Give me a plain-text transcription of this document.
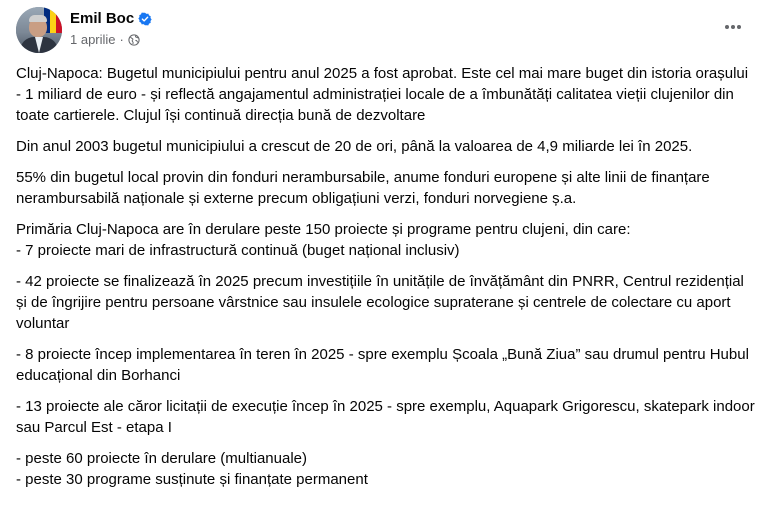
Emil Boc
1 aprilie ·

Cluj-Napoca: Bugetul municipiului pentru anul 2025 a fost aprobat. Este cel mai mare buget din istoria orașului - 1 miliard de euro - și reflectă angajamentul administrației locale de a îmbunătăți calitatea vieții clujenilor din toate cartierele. Clujul își continuă direcția bună de dezvoltare

Din anul 2003 bugetul municipiului a crescut de 20 de ori, până la valoarea de 4,9 miliarde lei în 2025.

55% din bugetul local provin din fonduri nerambursabile, anume fonduri europene și alte linii de finanțare nerambursabilă naționale și externe precum obligațiuni verzi, fonduri norvegiene ș.a.

Primăria Cluj-Napoca are în derulare peste 150 proiecte și programe pentru clujeni, din care:

- 7 proiecte mari de infrastructură continuă (buget național inclusiv)

- 42 proiecte se finalizează în 2025 precum investițiile în unitățile de învățământ din PNRR, Centrul rezidențial și de îngrijire pentru persoane vârstnice sau insulele ecologice supraterane și centrele de colectare cu aport voluntar

- 8 proiecte încep implementarea în teren în 2025 - spre exemplu Școala „Bună Ziua” sau drumul pentru Hubul educațional din Borhanci

- 13 proiecte ale căror licitații de execuție încep în 2025 - spre exemplu, Aquapark Grigorescu, skatepark indoor sau Parcul Est - etapa I

- peste 60 proiecte în derulare (multianuale)

- peste 30 programe susținute și finanțate permanent
